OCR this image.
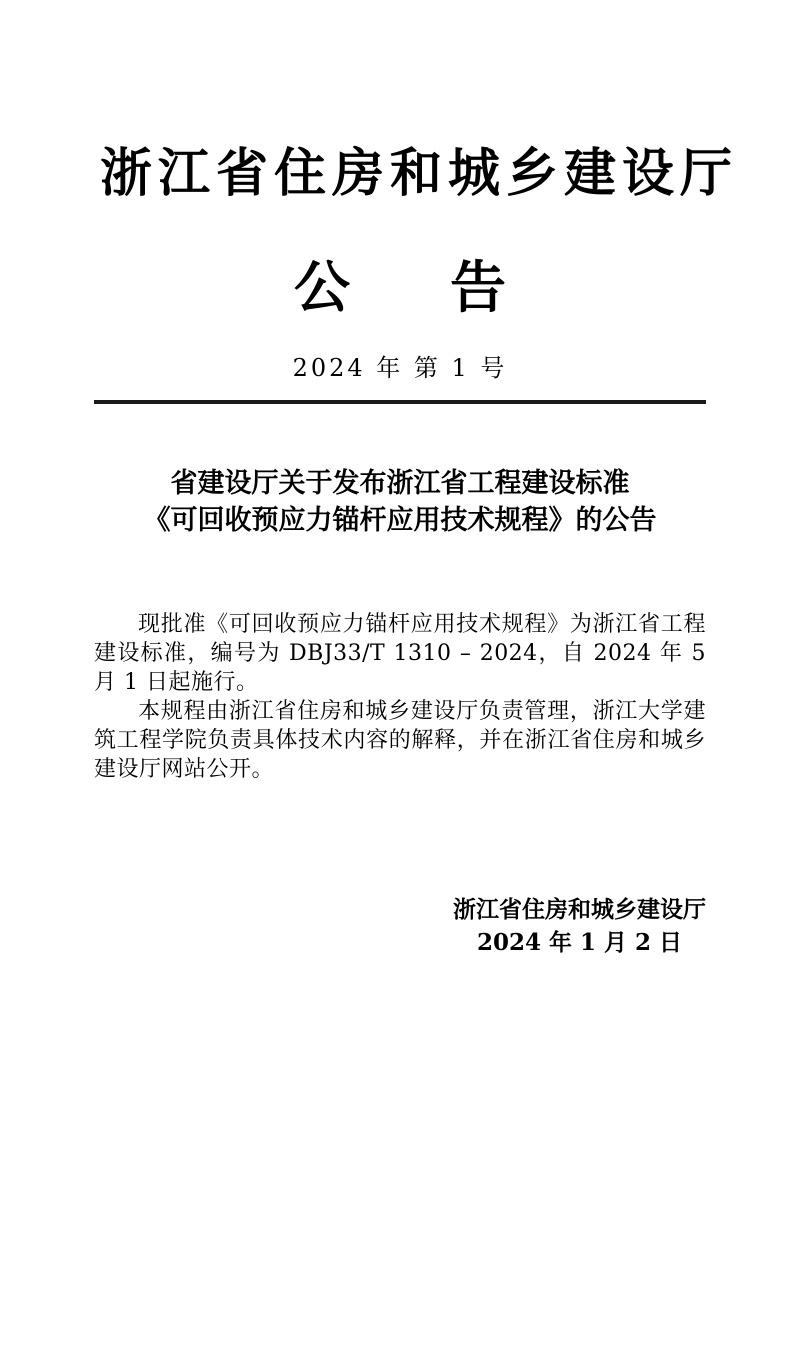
浙江省住房和城乡建设厅
公告
2024 年 第 1 号
省建设厅关于发布浙江省工程建设标准
《可回收预应力锚杆应用技术规程》的公告

现批准《可回收预应力锚杆应用技术规程》为浙江省工程建设标准，编号为 DBJ33/T 1310 – 2024，自 2024 年 5 月 1 日起施行。

本规程由浙江省住房和城乡建设厅负责管理，浙江大学建筑工程学院负责具体技术内容的解释，并在浙江省住房和城乡建设厅网站公开。

浙江省住房和城乡建设厅
2024 年 1 月 2 日
